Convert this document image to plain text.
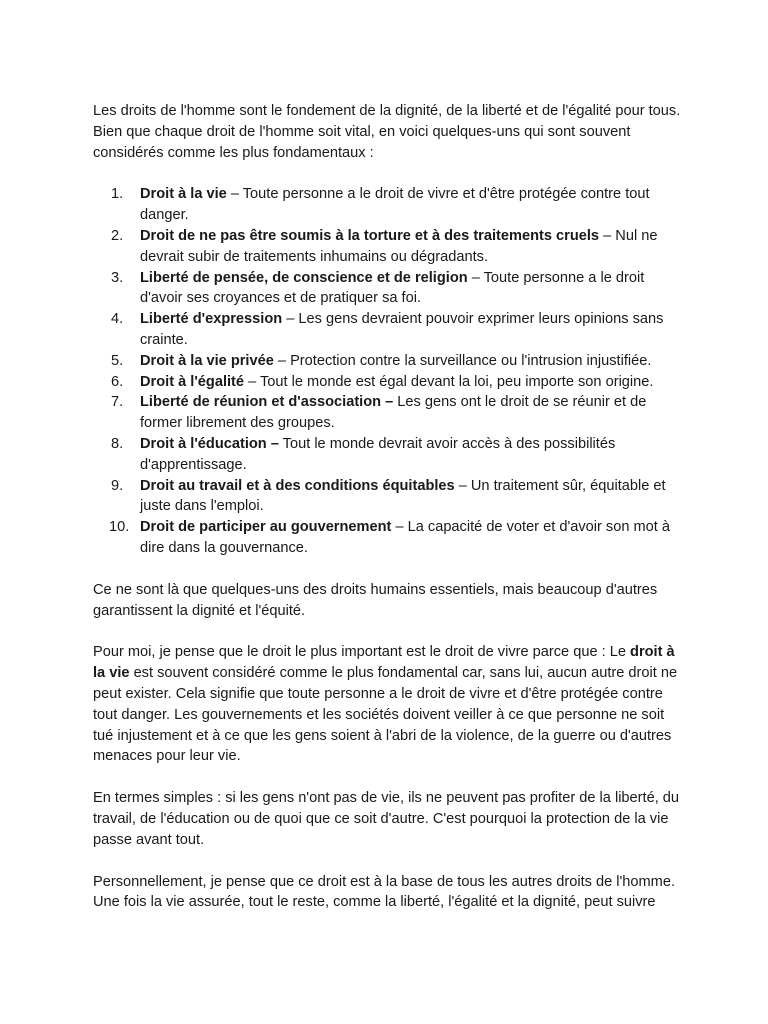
Les droits de l'homme sont le fondement de la dignité, de la liberté et de l'égalité pour tous. Bien que chaque droit de l'homme soit vital, en voici quelques-uns qui sont souvent considérés comme les plus fondamentaux :

1. Droit à la vie – Toute personne a le droit de vivre et d'être protégée contre tout danger.
2. Droit de ne pas être soumis à la torture et à des traitements cruels – Nul ne devrait subir de traitements inhumains ou dégradants.
3. Liberté de pensée, de conscience et de religion – Toute personne a le droit d'avoir ses croyances et de pratiquer sa foi.
4. Liberté d'expression – Les gens devraient pouvoir exprimer leurs opinions sans crainte.
5. Droit à la vie privée – Protection contre la surveillance ou l'intrusion injustifiée.
6. Droit à l'égalité – Tout le monde est égal devant la loi, peu importe son origine.
7. Liberté de réunion et d'association – Les gens ont le droit de se réunir et de former librement des groupes.
8. Droit à l'éducation – Tout le monde devrait avoir accès à des possibilités d'apprentissage.
9. Droit au travail et à des conditions équitables – Un traitement sûr, équitable et juste dans l'emploi.
10. Droit de participer au gouvernement – La capacité de voter et d'avoir son mot à dire dans la gouvernance.

Ce ne sont là que quelques-uns des droits humains essentiels, mais beaucoup d'autres garantissent la dignité et l'équité.

Pour moi, je pense que le droit le plus important est le droit de vivre parce que : Le droit à la vie est souvent considéré comme le plus fondamental car, sans lui, aucun autre droit ne peut exister. Cela signifie que toute personne a le droit de vivre et d'être protégée contre tout danger. Les gouvernements et les sociétés doivent veiller à ce que personne ne soit tué injustement et à ce que les gens soient à l'abri de la violence, de la guerre ou d'autres menaces pour leur vie.

En termes simples : si les gens n'ont pas de vie, ils ne peuvent pas profiter de la liberté, du travail, de l'éducation ou de quoi que ce soit d'autre. C'est pourquoi la protection de la vie passe avant tout.

Personnellement, je pense que ce droit est à la base de tous les autres droits de l'homme. Une fois la vie assurée, tout le reste, comme la liberté, l'égalité et la dignité, peut suivre
